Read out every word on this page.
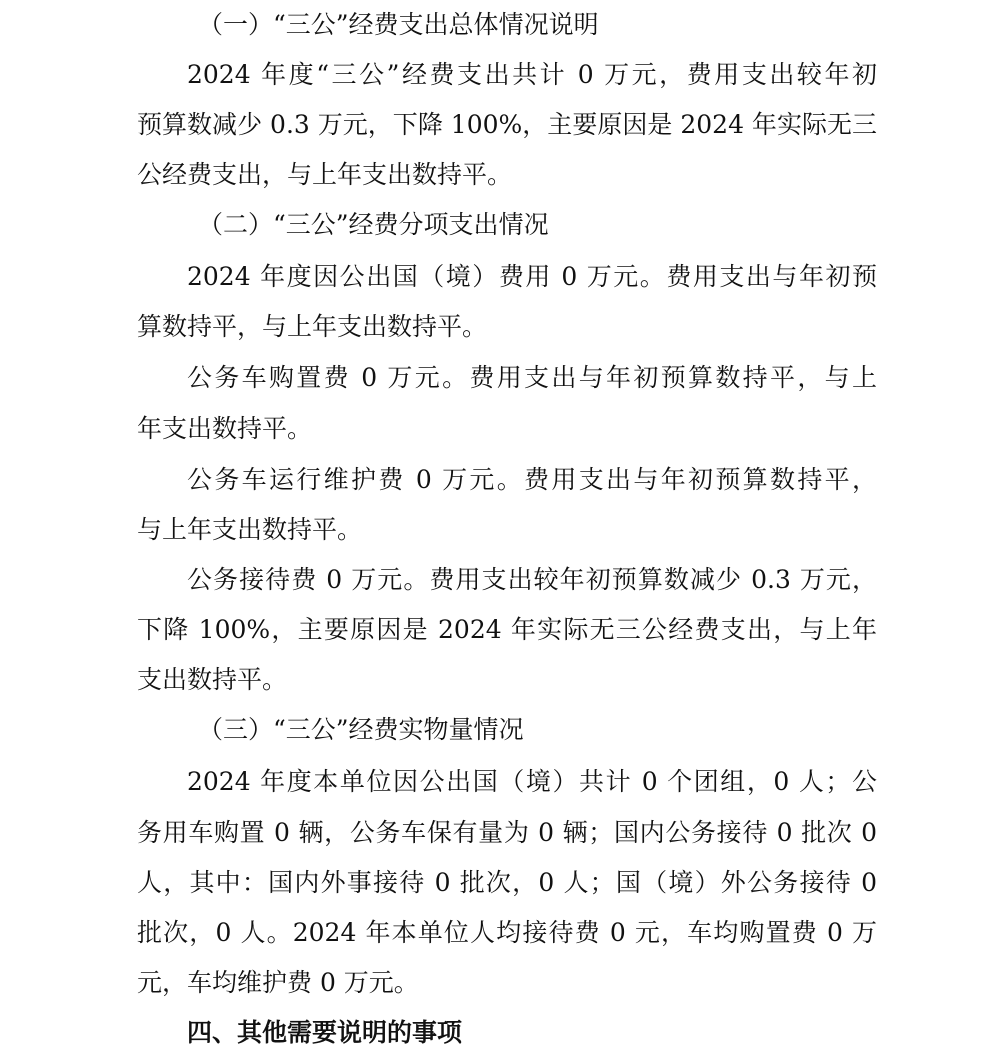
（一）“三公”经费支出总体情况说明
2024 年度“三公”经费支出共计 0 万元，费用支出较年初
预算数减少 0.3 万元，下降 100%，主要原因是 2024 年实际无三
公经费支出，与上年支出数持平。
（二）“三公”经费分项支出情况
2024 年度因公出国（境）费用 0 万元。费用支出与年初预
算数持平，与上年支出数持平。
公务车购置费 0 万元。费用支出与年初预算数持平，与上
年支出数持平。
公务车运行维护费 0 万元。费用支出与年初预算数持平，
与上年支出数持平。
公务接待费 0 万元。费用支出较年初预算数减少 0.3 万元，
下降 100%，主要原因是 2024 年实际无三公经费支出，与上年
支出数持平。
（三）“三公”经费实物量情况
2024 年度本单位因公出国（境）共计 0 个团组，0 人；公
务用车购置 0 辆，公务车保有量为 0 辆；国内公务接待 0 批次 0
人，其中：国内外事接待 0 批次，0 人；国（境）外公务接待 0
批次，0 人。2024 年本单位人均接待费 0 元，车均购置费 0 万
元，车均维护费 0 万元。
四、其他需要说明的事项
